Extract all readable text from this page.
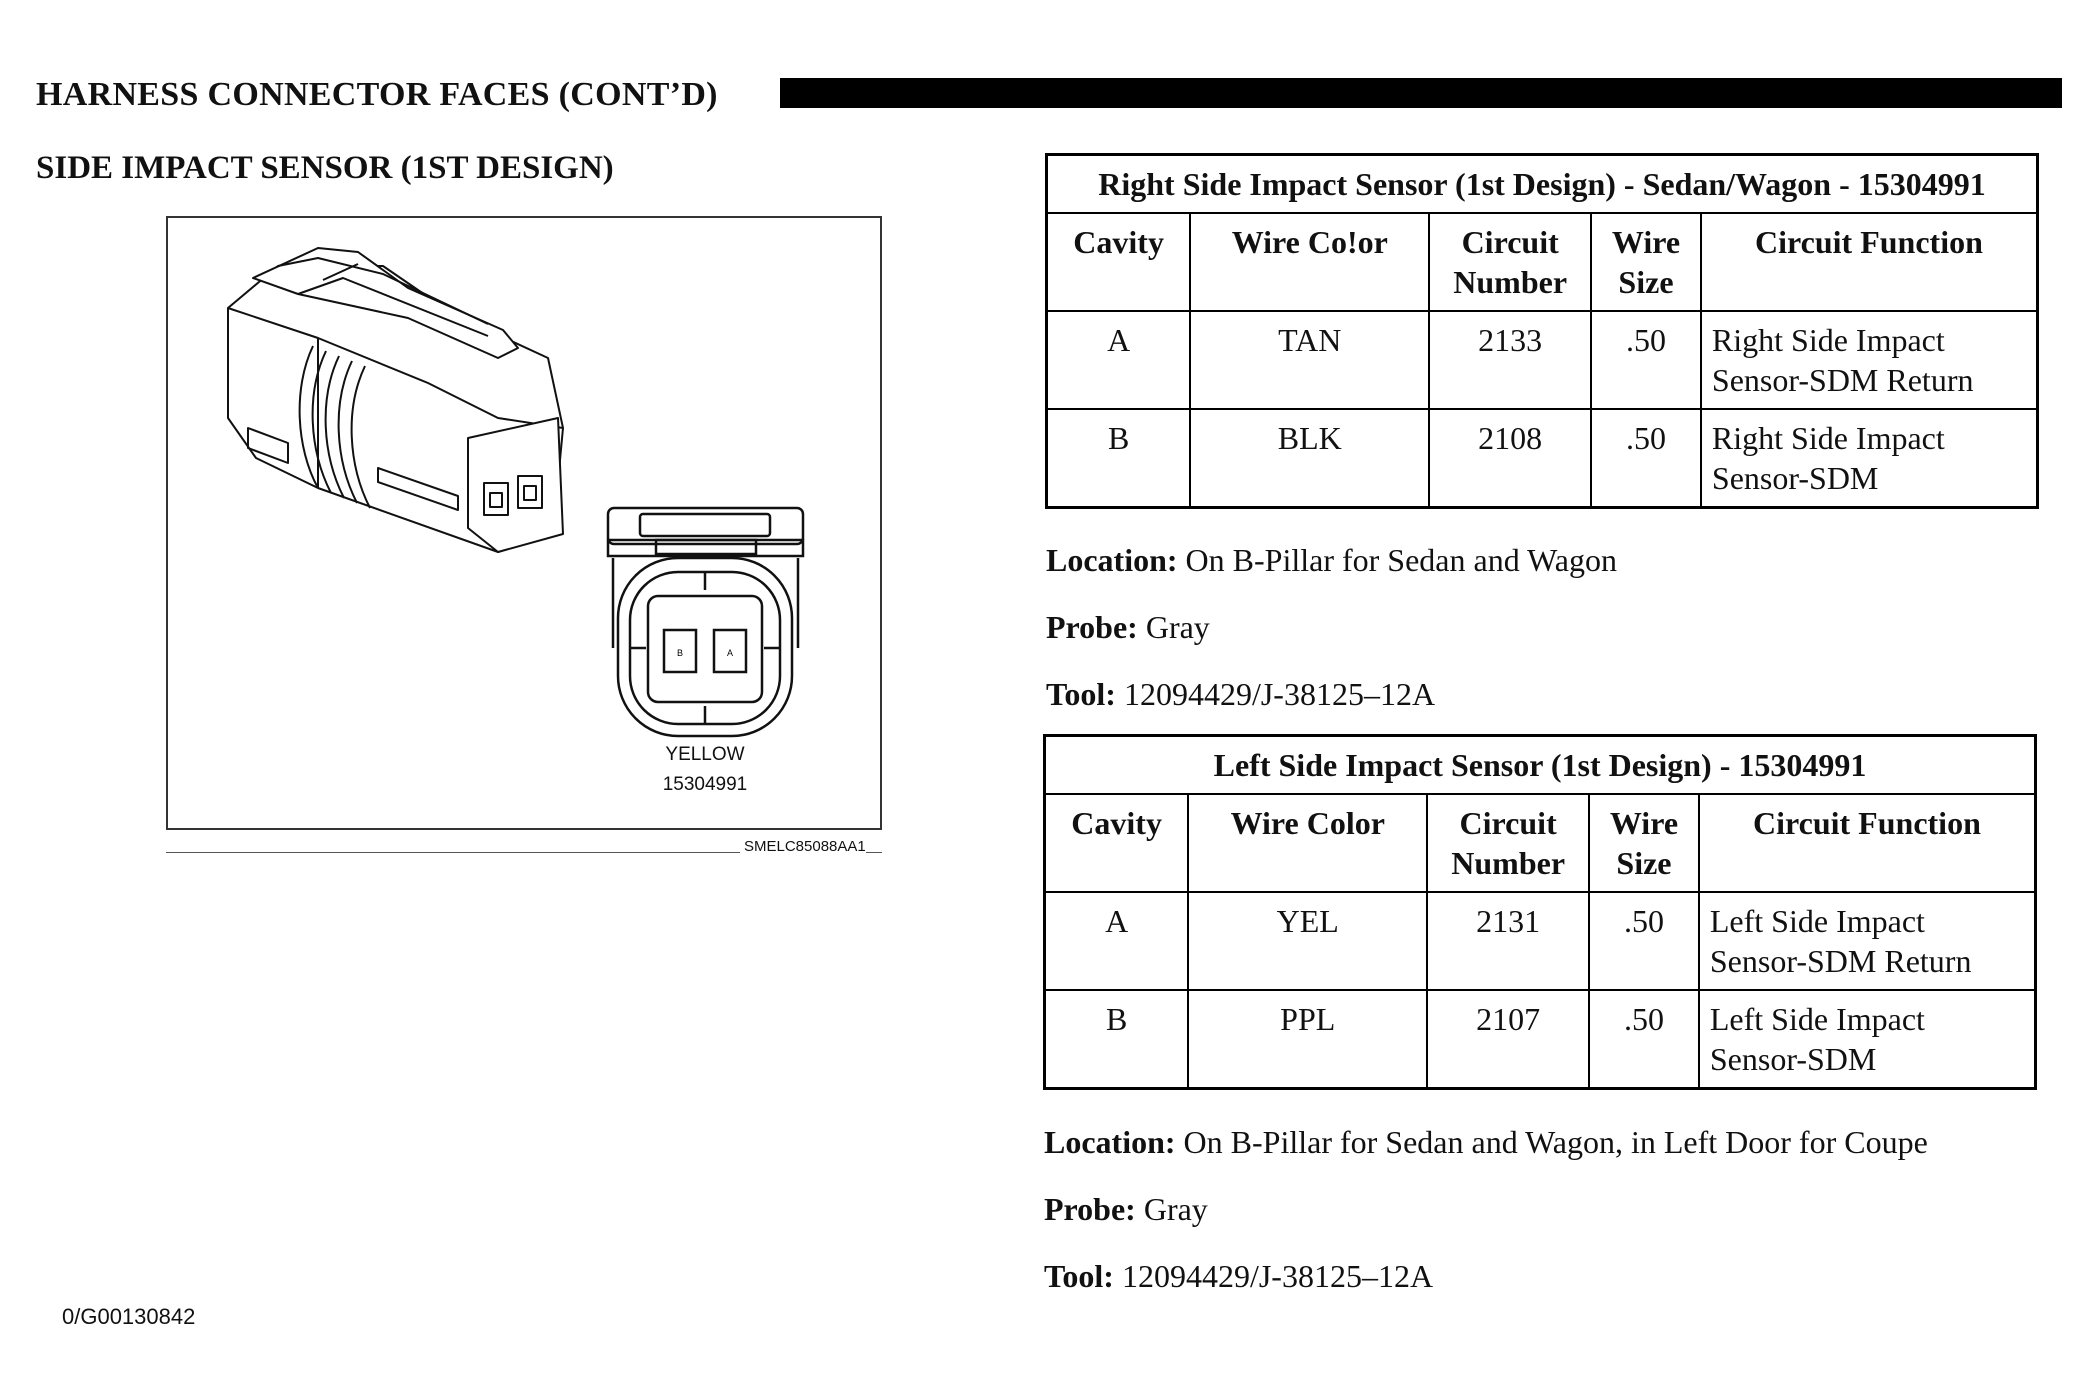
HARNESS CONNECTOR FACES (CONT’D)
SIDE IMPACT SENSOR (1ST DESIGN)
B	A
YELLOW
15304991
SMELC85088AA1
Right Side Impact Sensor (1st Design) - Sedan/Wagon - 15304991				
Cavity	Wire Co!or	Circuit Number	Wire Size	Circuit Function
A	TAN	2133	.50	Right Side Impact Sensor-SDM Return
B	BLK	2108	.50	Right Side Impact Sensor-SDM
Location: On B-Pillar for Sedan and Wagon
Probe: Gray
Tool: 12094429/J-38125–12A
Left Side Impact Sensor (1st Design) - 15304991				
Cavity	Wire Color	Circuit Number	Wire Size	Circuit Function
A	YEL	2131	.50	Left Side Impact Sensor-SDM Return
B	PPL	2107	.50	Left Side Impact Sensor-SDM
Location: On B-Pillar for Sedan and Wagon, in Left Door for Coupe
Probe: Gray
Tool: 12094429/J-38125–12A
0/G00130842
